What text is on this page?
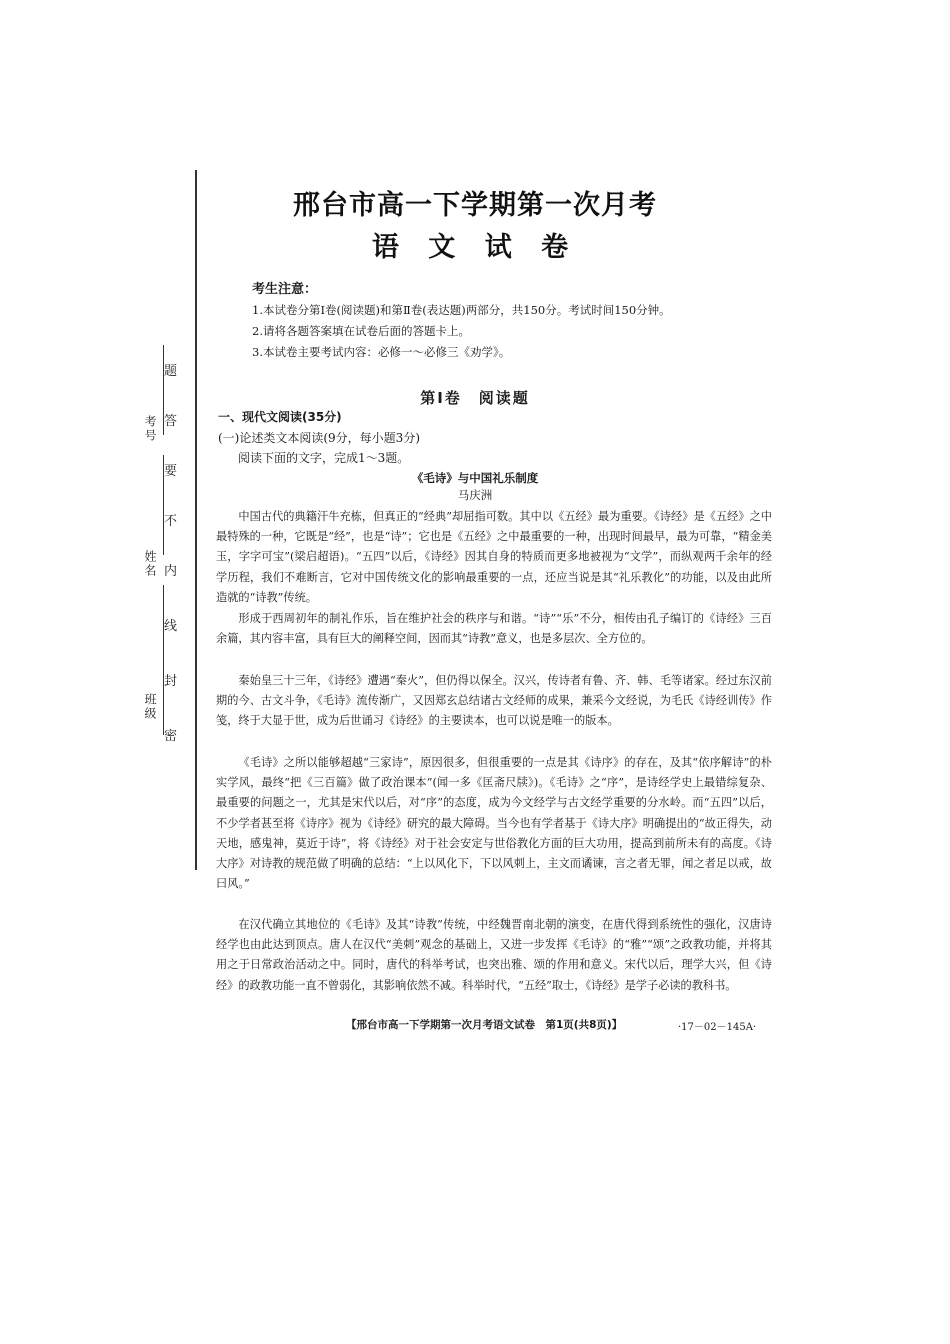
考号
姓名
班级
密
封
线
内
不
要
答
题
邢台市高一下学期第一次月考
语 文 试 卷
考生注意：
1.本试卷分第Ⅰ卷(阅读题)和第Ⅱ卷(表达题)两部分，共150分。考试时间150分钟。
2.请将各题答案填在试卷后面的答题卡上。
3.本试卷主要考试内容：必修一～必修三《劝学》。
第Ⅰ卷　阅读题
一、现代文阅读(35分)
(一)论述类文本阅读(9分，每小题3分)
阅读下面的文字，完成1～3题。
《毛诗》与中国礼乐制度
马庆洲
中国古代的典籍汗牛充栋，但真正的“经典”却屈指可数。其中以《五经》最为重要。《诗经》是《五经》之中最特殊的一种，它既是“经”，也是“诗”；它也是《五经》之中最重要的一种，出现时间最早，最为可靠，“精金美玉，字字可宝”(梁启超语)。“五四”以后，《诗经》因其自身的特质而更多地被视为“文学”，而纵观两千余年的经学历程，我们不难断言，它对中国传统文化的影响最重要的一点，还应当说是其“礼乐教化”的功能，以及由此所造就的“诗教”传统。
形成于西周初年的制礼作乐，旨在维护社会的秩序与和谐。“诗”“乐”不分，相传由孔子编订的《诗经》三百余篇，其内容丰富，具有巨大的阐释空间，因而其“诗教”意义，也是多层次、全方位的。
秦始皇三十三年，《诗经》遭遇“秦火”，但仍得以保全。汉兴，传诗者有鲁、齐、韩、毛等诸家。经过东汉前期的今、古文斗争，《毛诗》流传渐广，又因郑玄总结诸古文经师的成果，兼采今文经说，为毛氏《诗经训传》作笺，终于大显于世，成为后世诵习《诗经》的主要读本，也可以说是唯一的版本。
《毛诗》之所以能够超越“三家诗”，原因很多，但很重要的一点是其《诗序》的存在，及其“依序解诗”的朴实学风，最终“把《三百篇》做了政治课本”(闻一多《匡斋尺牍》)。《毛诗》之“序”，是诗经学史上最错综复杂、最重要的问题之一，尤其是宋代以后，对“序”的态度，成为今文经学与古文经学重要的分水岭。而“五四”以后，不少学者甚至将《诗序》视为《诗经》研究的最大障碍。当今也有学者基于《诗大序》明确提出的“故正得失，动天地，感鬼神，莫近于诗”，将《诗经》对于社会安定与世俗教化方面的巨大功用，提高到前所未有的高度。《诗大序》对诗教的规范做了明确的总结：“上以风化下，下以风刺上，主文而谲谏，言之者无罪，闻之者足以戒，故曰风。”
在汉代确立其地位的《毛诗》及其“诗教”传统，中经魏晋南北朝的演变，在唐代得到系统性的强化，汉唐诗经学也由此达到顶点。唐人在汉代“美刺”观念的基础上，又进一步发挥《毛诗》的“雅”“颂”之政教功能，并将其用之于日常政治活动之中。同时，唐代的科举考试，也突出雅、颂的作用和意义。宋代以后，理学大兴，但《诗经》的政教功能一直不曾弱化，其影响依然不减。科举时代，“五经”取士，《诗经》是学子必读的教科书。
【邢台市高一下学期第一次月考语文试卷　第1页(共8页)】	·17－02－145A·
